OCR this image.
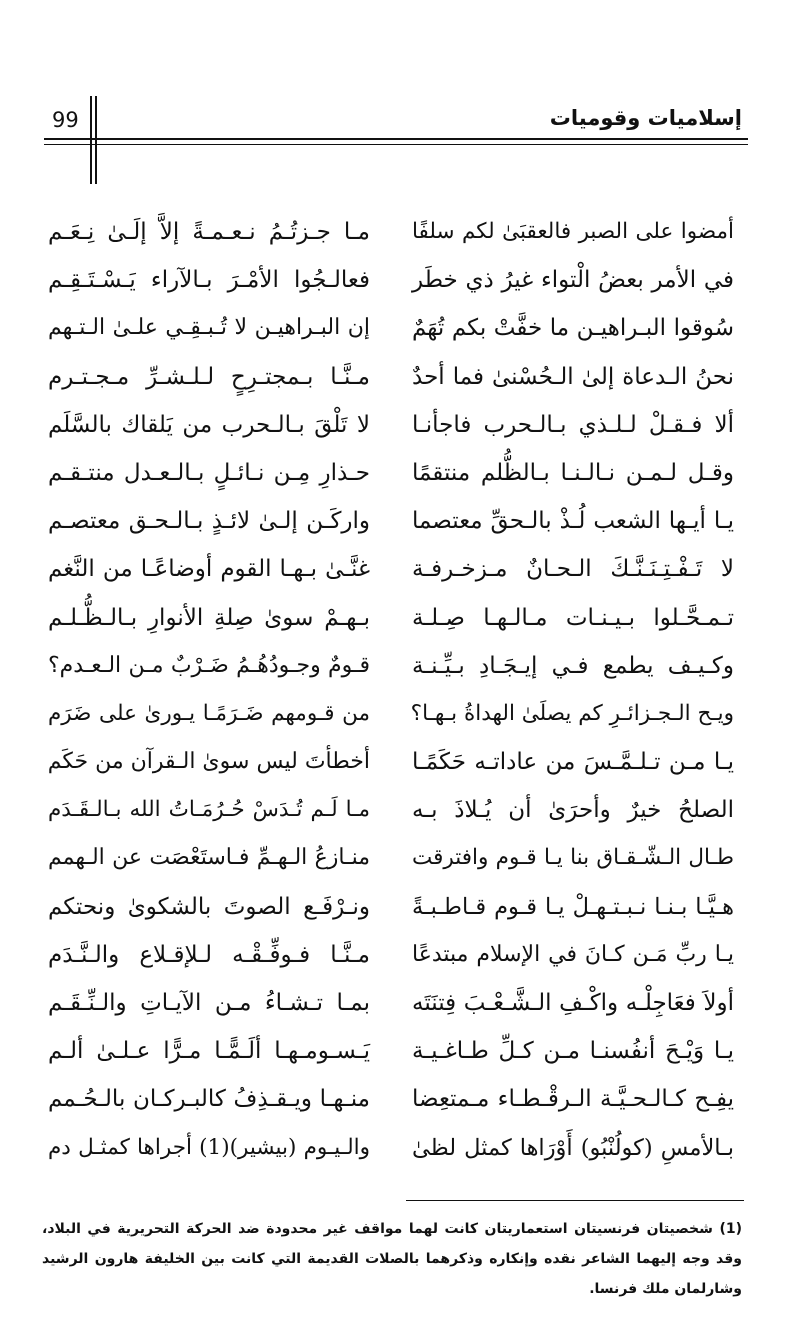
إسلاميات وقوميات
99
أمضوا على الصبر فالعقبَىٰ لكم سلفًا
مـا جـزتُـمُ نـعـمـةً إلاَّ إلَـىٰ نِـعَـم
في الأمر بعضُ الْتواء غيرُ ذي خطَر
فعالـجُوا الأمْـرَ بـالآراء يَـسْـتَـقِـم
سُوقوا البـراهيـن ما خفَّتْ بكم تُهَمٌ
إن البـراهيـن لا تُـبـقِـي علـىٰ الـتـهم
نحنُ الـدعاة إلىٰ الـحُسْنىٰ فما أحدٌ
مـنَّـا بـمجتـرِحٍ لـلـشـرِّ مـجـتـرم
ألا فـقـلْ لـلـذي بـالـحرب فاجأنـا
لا تَلْقَ بـالـحرب من يَلقاك بالسَّلَم
وقـل لـمـن نـالـنـا بـالظُّلم منتقمًا
حـذارِ مِـن نـائـلٍ بـالـعـدل منتـقـم
يـا أيـها الشعب لُـذْ بالـحقِّ معتصما
واركَـن إلـىٰ لائـذٍ بـالـحـق معتصـم
لا تَـفْـتِـنَـنَّـكَ الـحـانٌ مـزخـرفـة
غنَّـىٰ بـهـا القوم أوضاعًـا من النَّغم
تـمـحَّـلوا بـيـنـات مـالـهـا صِـلـة
بـهـمْ سوىٰ صِلةِ الأنوارِ بـالـظُّـلـم
وكـيـف يطمع فـي إيـجَـادِ بـيِّـنـة
قـومٌ وجـودُهُـمُ ضَـرْبٌ مـن الـعـدم؟
ويـح الـجـزائـرِ كم يصلَىٰ الهداةُ بـهـا؟
من قـومهم ضَـرَمًـا يـورىٰ على ضَرَم
يـا مـن تـلـمَّـسَ من عاداتـه حَكَمًـا
أخطأتَ ليس سوىٰ الـقرآن من حَكَم
الصلحُ خيرٌ وأحرَىٰ أن يُـلاذَ بـه
مـا لَـم تُـدَسْ حُـرُمَـاتُ الله بـالـقَـدَم
طـال الـشّـقـاق بنا يـا قـوم وافترقت
منـازعُ الـهـمِّ فـاستَعْصَت عن الـهمم
هـيَّـا بـنـا نـبـتـهـلْ يـا قـوم قـاطـبـةً
ونـرْفَـع الصوتَ بالشكوىٰ ونحتكم
يـا ربِّ مَـن كـانَ في الإسلام مبتدعًا
مـنَّـا فـوفِّـقْـه لـلإقـلاع والـنَّـدَم
أولاَ فعَاجِلْـه واكْـفِ الـشَّـعْـبَ فِتنَتَه
بمـا تـشـاءُ مـن الآيـاتِ والـنِّـقَـم
يـا وَيْـحَ أنفُسنـا مـن كـلِّ طـاغـيـة
يَـسـومـهـا ألَـمًّـا مـرًّا عـلـىٰ ألـم
يفِـح كـالـحـيَّـة الـرقْـطـاء مـمتعِضا
منـهـا ويـقـذِفُ كالبـركـان بالـحُـمم
بـالأمسِ (كولُنْبُو) أَوْرَاها كمثل لظىٰ
والـيـوم (بيشير)(1) أجراها كمثـل دم
(1) شخصيتان فرنسيتان استعماريتان كانت لهما مواقف غير محدودة ضد الحركة التحريرية في البلاد، وقد وجه إليهما الشاعر نقده وإنكاره وذكرهما بالصلات القديمة التي كانت بين الخليفة هارون الرشيد وشارلمان ملك فرنسا.
